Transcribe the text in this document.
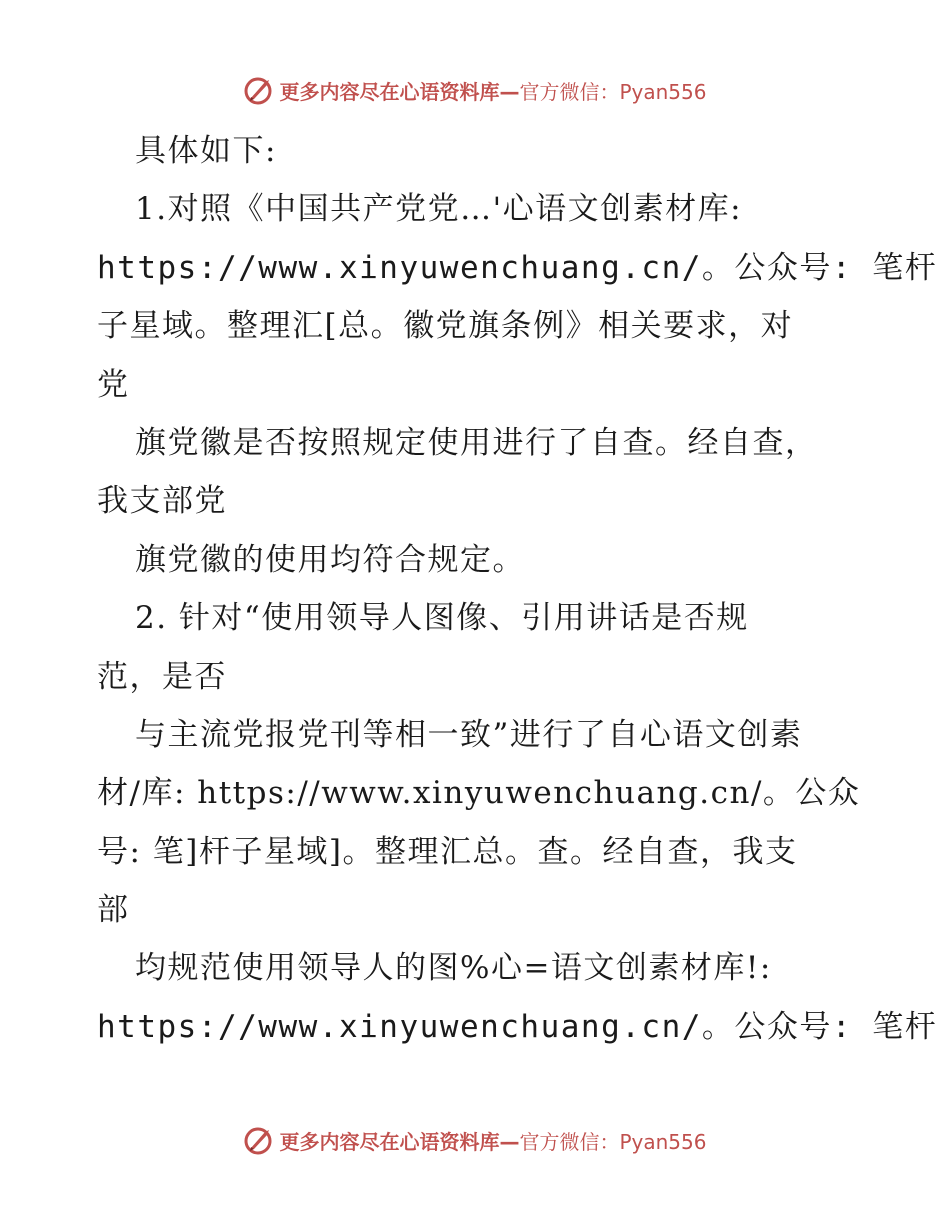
更多内容尽在心语资料库—官方微信：Pyan556
具体如下:
1.对照《中国共产党党…'心语文创素材库:
https://www.xinyuwenchuang.cn/。公众号: 笔杆
子星域。整理汇[总。徽党旗条例》相关要求，对
党
旗党徽是否按照规定使用进行了自查。经自查，
我支部党
旗党徽的使用均符合规定。
2. 针对“使用领导人图像、引用讲话是否规
范，是否
与主流党报党刊等相一致”进行了自心语文创素
材/库: https://www.xinyuwenchuang.cn/。公众
号: 笔]杆子星域]。整理汇总。查。经自查，我支
部
均规范使用领导人的图%心=语文创素材库!:
https://www.xinyuwenchuang.cn/。公众号: 笔杆
更多内容尽在心语资料库—官方微信：Pyan556
